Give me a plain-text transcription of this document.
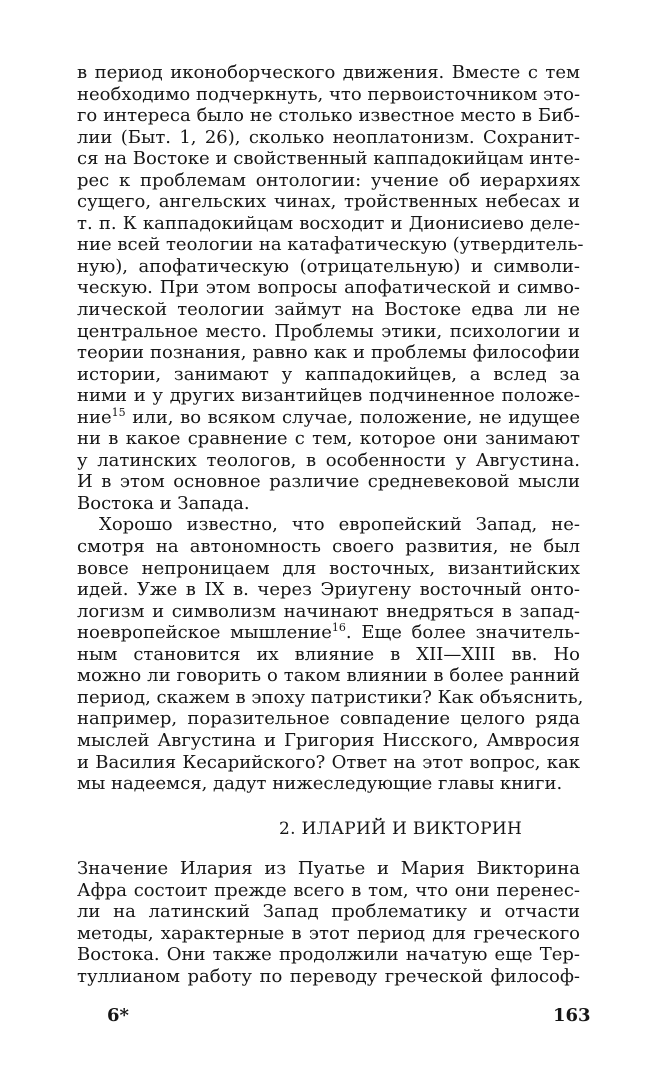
в период иконоборческого движения. Вместе с тем
необходимо подчеркнуть, что первоисточником это-
го интереса было не столько известное место в Биб-
лии (Быт. 1, 26), сколько неоплатонизм. Сохранит-
ся на Востоке и свойственный каппадокийцам инте-
рес к проблемам онтологии: учение об иерархиях
сущего, ангельских чинах, тройственных небесах и
т. п. К каппадокийцам восходит и Дионисиево деле-
ние всей теологии на катафатическую (утвердитель-
ную), апофатическую (отрицательную) и символи-
ческую. При этом вопросы апофатической и симво-
лической теологии займут на Востоке едва ли не
центральное место. Проблемы этики, психологии и
теории познания, равно как и проблемы философии
истории, занимают у каппадокийцев, а вслед за
ними и у других византийцев подчиненное положе-
ние$^{15}$ или, во всяком случае, положение, не идущее
ни в какое сравнение с тем, которое они занимают
у латинских теологов, в особенности у Августина.
И в этом основное различие средневековой мысли
Востока и Запада.
Хорошо известно, что европейский Запад, не-
смотря на автономность своего развития, не был
вовсе непроницаем для восточных, византийских
идей. Уже в IX в. через Эриугену восточный онто-
логизм и символизм начинают внедряться в запад-
ноевропейское мышление$^{16}$. Еще более значитель-
ным становится их влияние в XII—XIII вв. Но
можно ли говорить о таком влиянии в более ранний
период, скажем в эпоху патристики? Как объяснить,
например, поразительное совпадение целого ряда
мыслей Августина и Григория Нисского, Амвросия
и Василия Кесарийского? Ответ на этот вопрос, как
мы надеемся, дадут нижеследующие главы книги.
2. ИЛАРИЙ И ВИКТОРИН
Значение Илария из Пуатье и Мария Викторина
Афра состоит прежде всего в том, что они перенес-
ли на латинский Запад проблематику и отчасти
методы, характерные в этот период для греческого
Востока. Они также продолжили начатую еще Тер-
туллианом работу по переводу греческой философ-
6*	163
